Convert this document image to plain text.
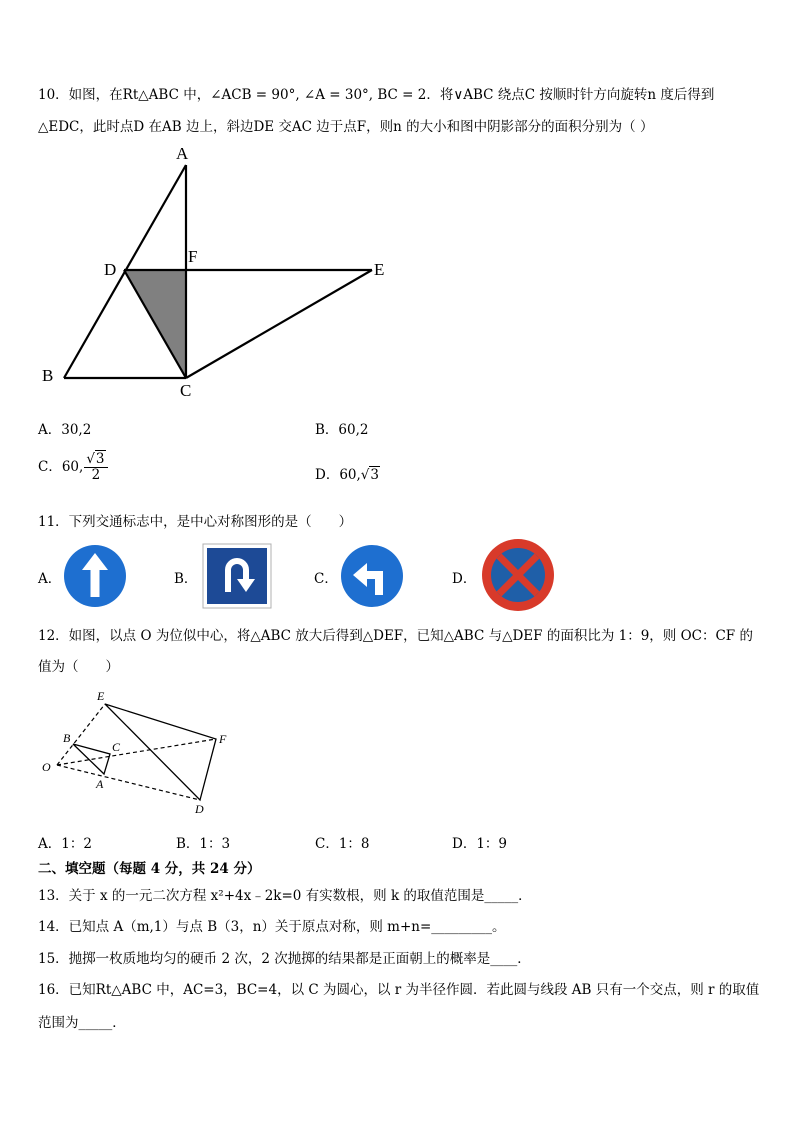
10．如图，在Rt△ABC 中，∠ACB = 90°, ∠A = 30°, BC = 2．将∨ABC 绕点C 按顺时针方向旋转n 度后得到
△EDC，此时点D 在AB 边上，斜边DE 交AC 边于点F，则n 的大小和图中阴影部分的面积分别为（ ）
A
D
F
E
B
C
A．30,2	B．60,2
C．60, $\frac{√3}{2}$	D．60,√3
11．下列交通标志中，是中心对称图形的是（　　）
A．	B．	C．	D．
12．如图，以点 O 为位似中心，将△ABC 放大后得到△DEF，已知△ABC 与△DEF 的面积比为 1：9，则 OC：CF 的
值为（　　）
E
F
B
C
O
A
D
A．1：2	B．1：3	C．1：8	D．1：9
二、填空题（每题 4 分，共 24 分）
13．关于 x 的一元二次方程 x²+4x﹣2k=0 有实数根，则 k 的取值范围是_____．
14．已知点 A（m,1）与点 B（3，n）关于原点对称，则 m+n=_________。
15．抛掷一枚质地均匀的硬币 2 次，2 次抛掷的结果都是正面朝上的概率是____．
16．已知Rt△ABC 中，AC=3，BC=4，以 C 为圆心，以 r 为半径作圆．若此圆与线段 AB 只有一个交点，则 r 的取值
范围为_____．
